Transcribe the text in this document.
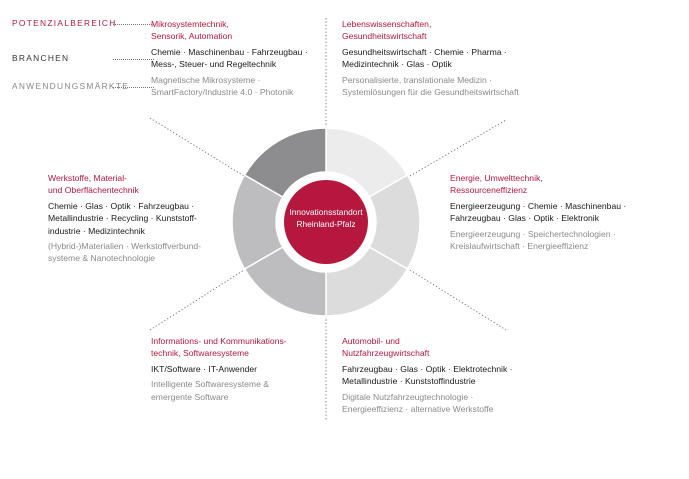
Innovationsstandort
Rheinland-Pfalz
POTENZIALBEREICH
BRANCHEN
ANWENDUNGSMÄRKTE
Mikrosystemtechnik,
Sensorik, Automation
Chemie · Maschinenbau · Fahrzeugbau ·
Mess-, Steuer- und Regeltechnik
Magnetische Mikrosysteme ·
SmartFactory/Industrie 4.0 · Photonik
Lebenswissenschaften,
Gesundheitswirtschaft
Gesundheitswirtschaft · Chemie · Pharma ·
Medizintechnik · Glas · Optik
Personalisierte, translationale Medizin ·
Systemlösungen für die Gesundheitswirtschaft
Werkstoffe, Material-
und Oberflächentechnik
Chemie · Glas · Optik · Fahrzeugbau ·
Metallindustrie · Recycling · Kunststoff-
industrie · Medizintechnik
(Hybrid-)Materialien · Werkstoffverbund-
systeme & Nanotechnologie
Energie, Umwelttechnik,
Ressourceneffizienz
Energieerzeugung · Chemie · Maschinenbau ·
Fahrzeugbau · Glas · Optik · Elektronik
Energieerzeugung · Speichertechnologien ·
Kreislaufwirtschaft · Energieeffizienz
Informations- und Kommunikations-
technik, Softwaresysteme
IKT/Software · IT-Anwender
Intelligente Softwaresysteme &
emergente Software
Automobil- und
Nutzfahrzeugwirtschaft
Fahrzeugbau · Glas · Optik · Elektrotechnik ·
Metallindustrie · Kunststoffindustrie
Digitale Nutzfahrzeugtechnologie ·
Energieeffizienz · alternative Werkstoffe
